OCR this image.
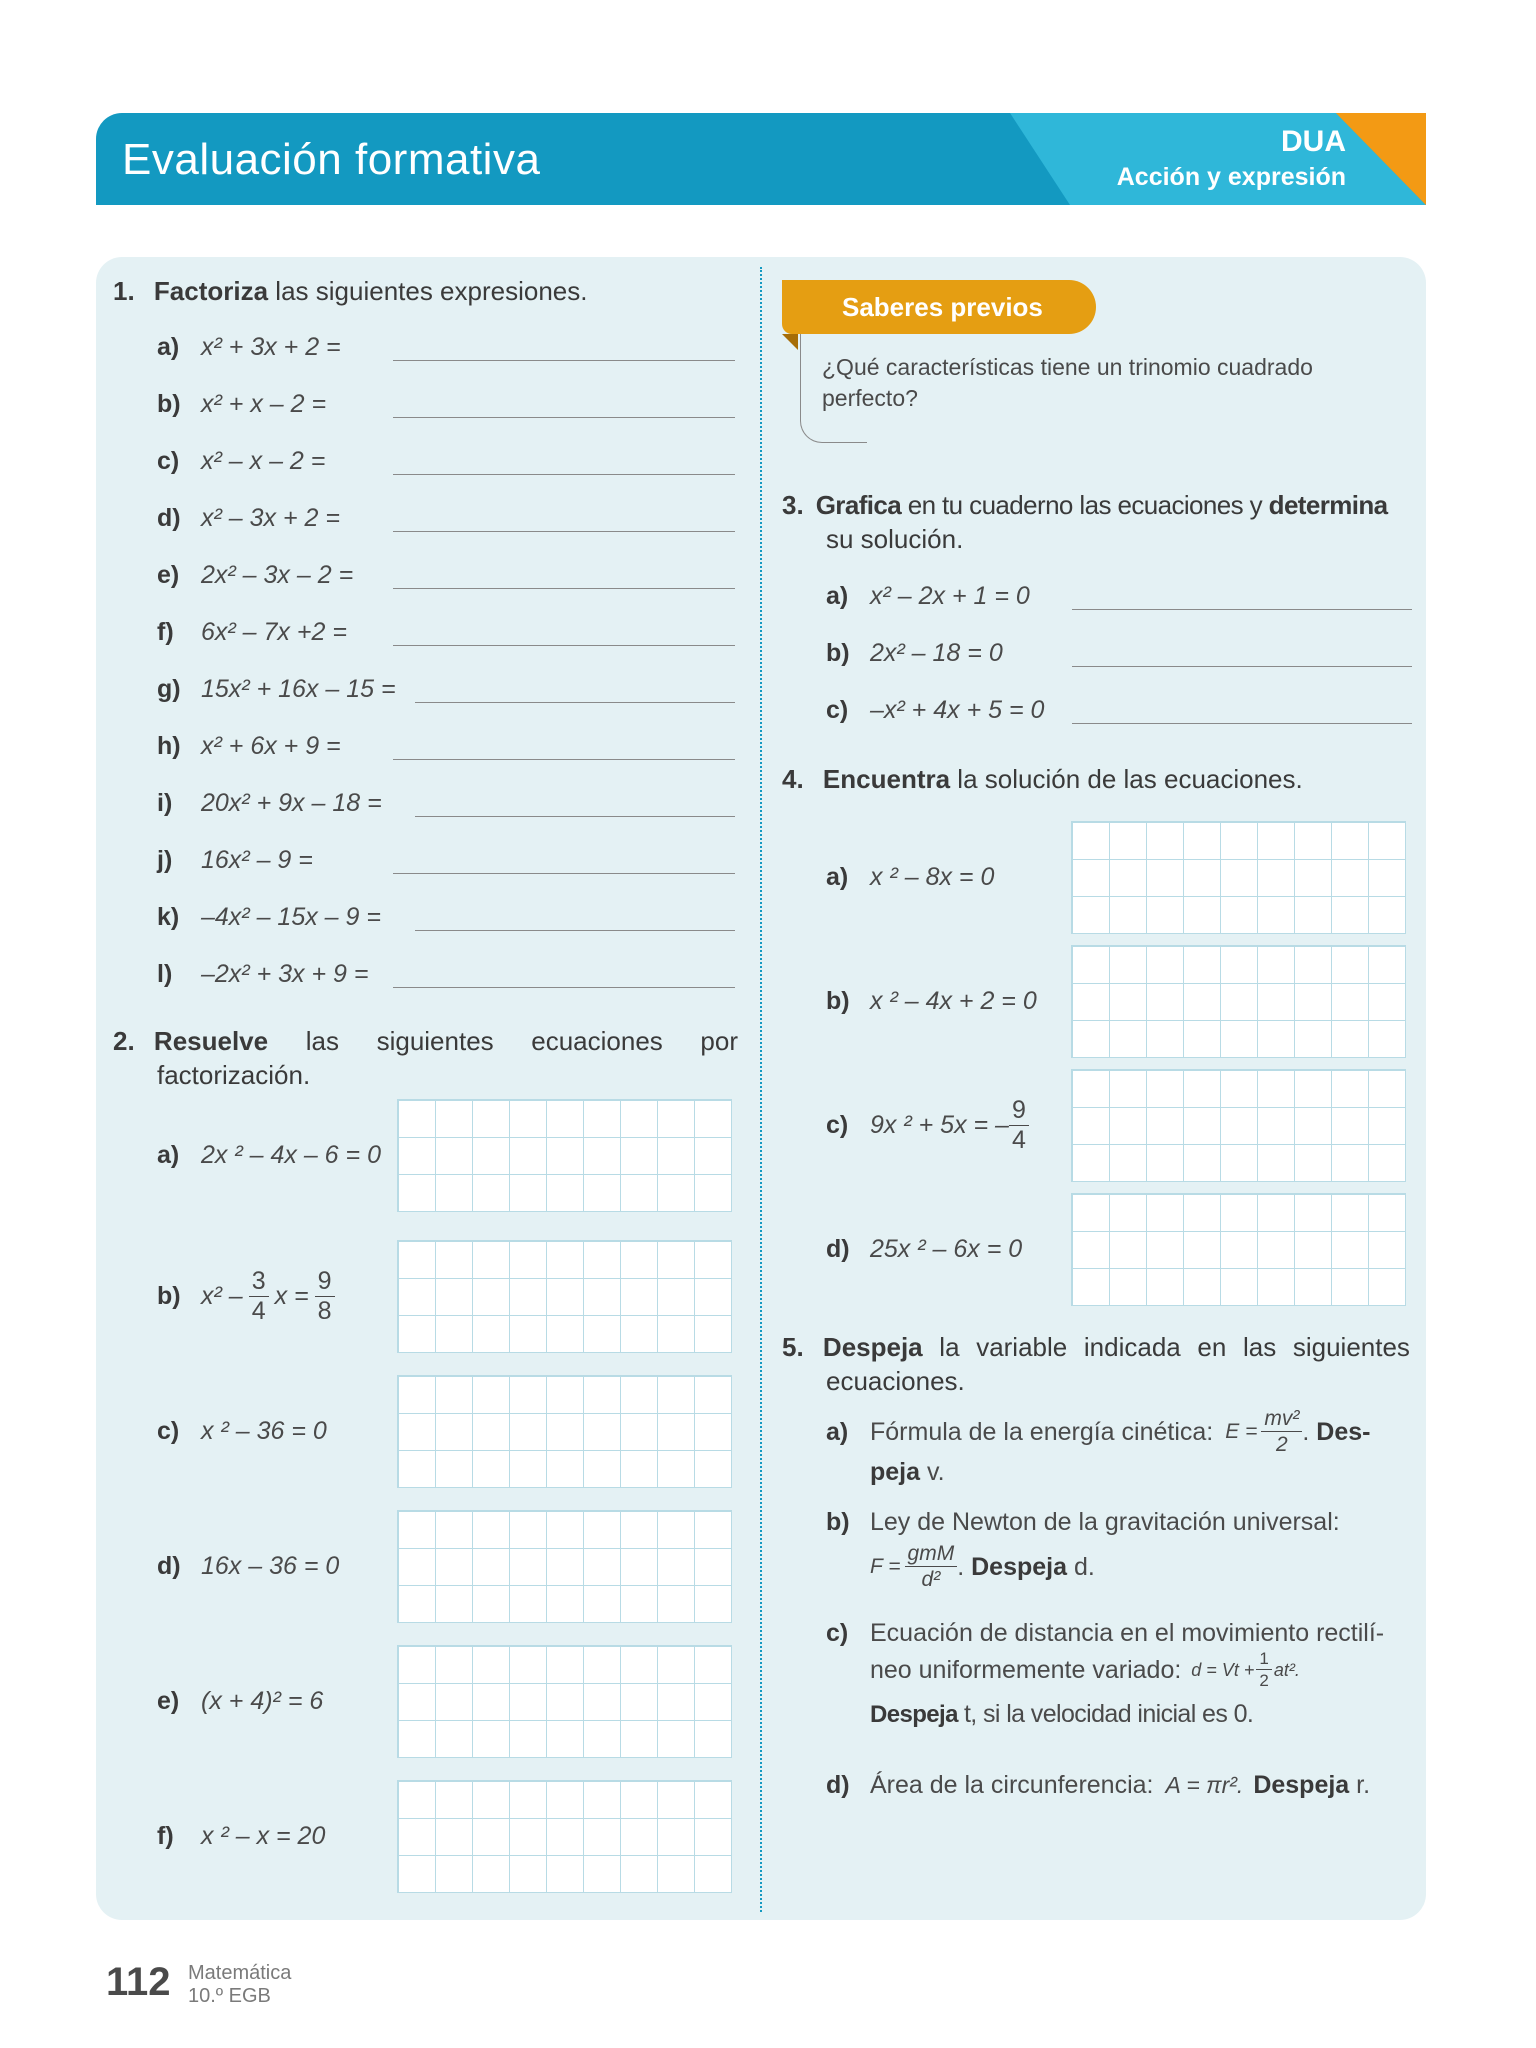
Evaluación formativa	DUA
Acción y expresión
1. Factoriza las siguientes expresiones.
a) x² + 3x + 2 =
b) x² + x – 2 =
c) x² – x – 2 =
d) x² – 3x + 2 =
e) 2x² – 3x – 2 =
f) 6x² – 7x +2 =
g) 15x² + 16x – 15 =
h) x² + 6x + 9 =
i) 20x² + 9x – 18 =
j) 16x² – 9 =
k) –4x² – 15x – 9 =
l) –2x² + 3x + 9 =
2. Resuelve las siguientes ecuaciones por
factorización.
a) 2x ² – 4x – 6 = 0
b) $x^2 - \frac{3}{4}$ $x = \frac{9}{8}$
c) x ² – 36 = 0
d) 16x – 36 = 0
e) (x + 4)² = 6
f)	x ² – x = 20
Saberes previos
¿Qué características tiene un trinomio cuadrado perfecto?
3. Grafica en tu cuaderno las ecuaciones y determina
su solución.
a) x² – 2x + 1 = 0
b) 2x² – 18 = 0
c) –x² + 4x + 5 = 0
4. Encuentra la solución de las ecuaciones.
a) x ² – 8x = 0
b) x ² – 4x + 2 = 0
c) 9x ² + 5x = – $\frac{9}{4}$
d) 25x ² – 6x = 0
5. Despeja la variable indicada en las siguientes
ecuaciones.
a) Fórmula de la energía cinética: $E = \frac{\text{mv²}}{2}$ . Des-
peja v.
b) Ley de Newton de la gravitación universal:
$F = \frac{\text{gmM}}{\text{d²}}$ . Despeja
d.
c) Ecuación de distancia en el movimiento rectilí-
neo uniformemente variado: $d = Vt + \frac{1}{2} at^2$.
Despeja t, si la velocidad inicial es 0.
d) Área de la circunferencia: A = πr². Despeja
r.
112 Matemática
10.º EGB
